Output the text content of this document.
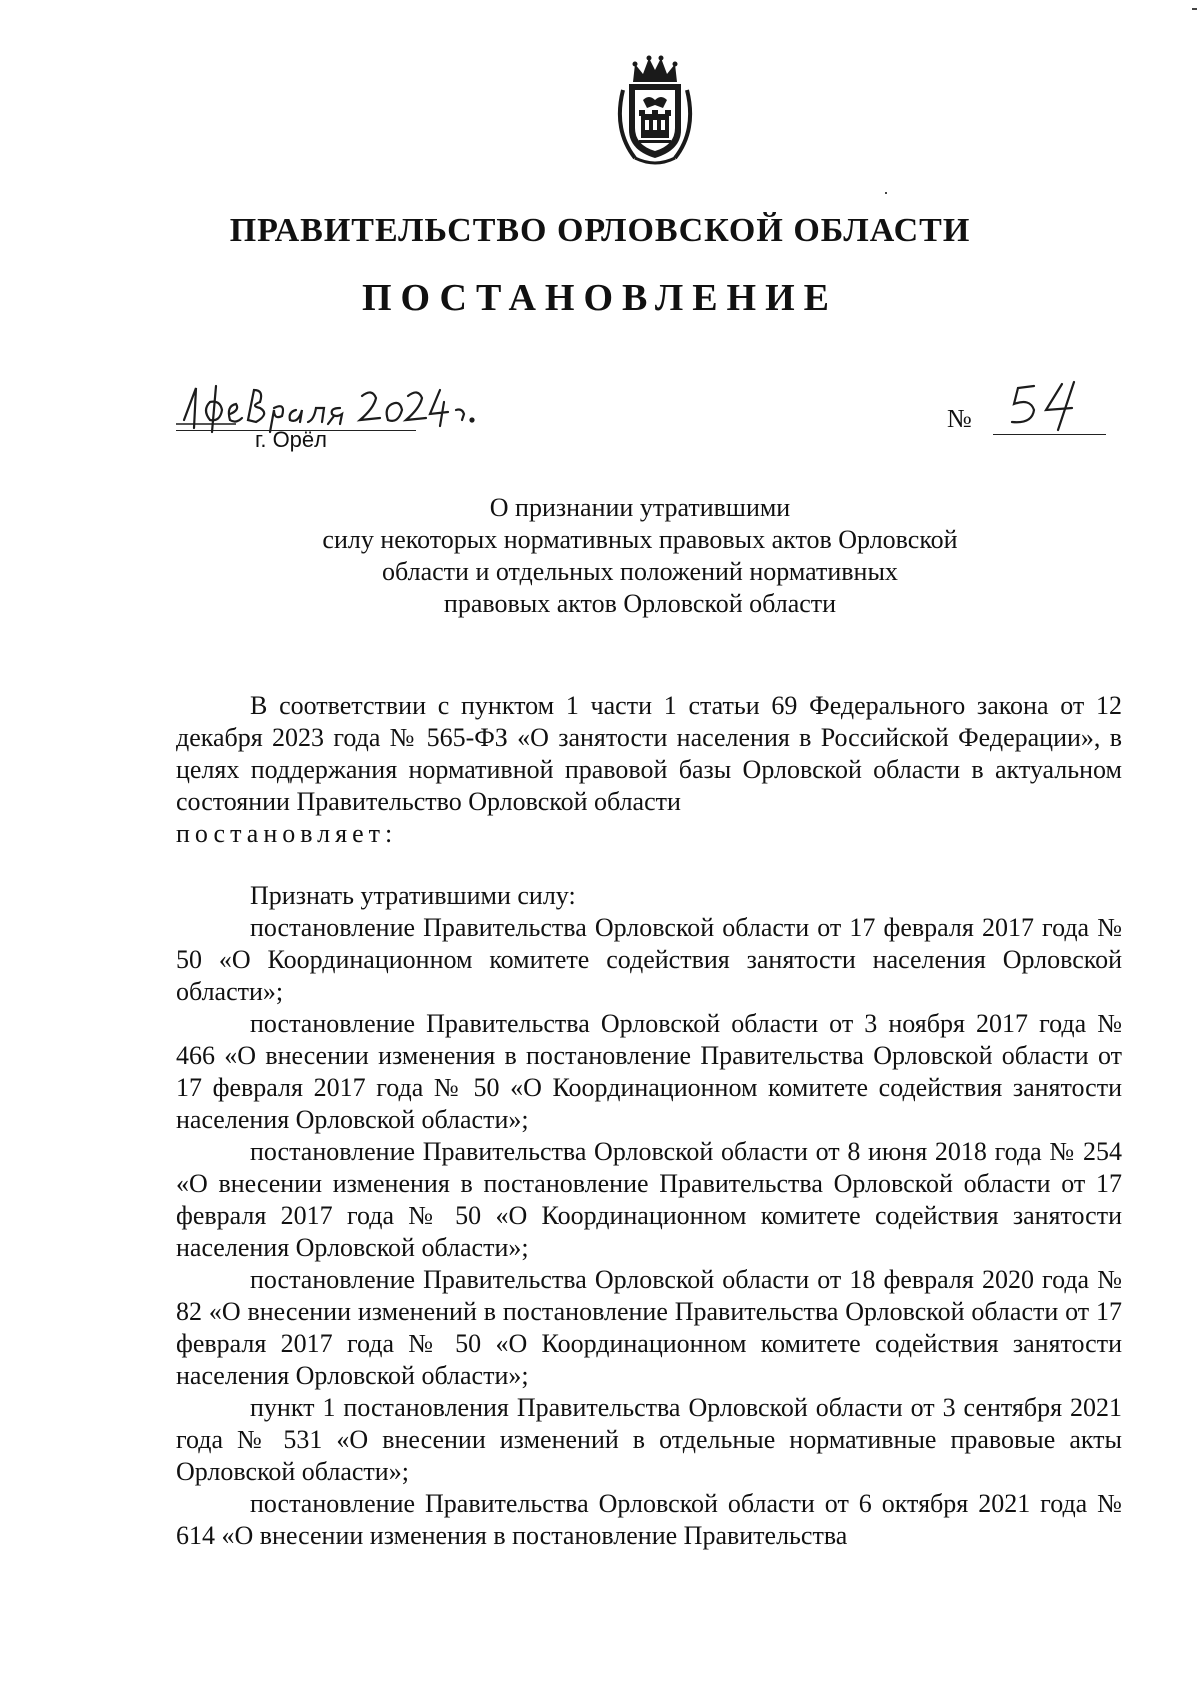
ПРАВИТЕЛЬСТВО ОРЛОВСКОЙ ОБЛАСТИ
ПОСТАНОВЛЕНИЕ
г. Орёл
№
О признании утратившими
силу некоторых нормативных правовых актов Орловской
области и отдельных положений нормативных
правовых актов Орловской области

В соответствии с пунктом 1 части 1 статьи 69 Федерального закона от 12 декабря 2023 года № 565-ФЗ «О занятости населения в Российской Федерации», в целях поддержания нормативной правовой базы Орловской области в актуальном состоянии Правительство Орловской области

постановляет:

Признать утратившими силу:

постановление Правительства Орловской области от 17 февраля 2017 года № 50 «О Координационном комитете содействия занятости населения Орловской области»;

постановление Правительства Орловской области от 3 ноября 2017 года № 466 «О внесении изменения в постановление Правительства Орловской области от 17 февраля 2017 года № 50 «О Координационном комитете содействия занятости населения Орловской области»;

постановление Правительства Орловской области от 8 июня 2018 года № 254 «О внесении изменения в постановление Правительства Орловской области от 17 февраля 2017 года № 50 «О Координационном комитете содействия занятости населения Орловской области»;

постановление Правительства Орловской области от 18 февраля 2020 года № 82 «О внесении изменений в постановление Правительства Орловской области от 17 февраля 2017 года № 50 «О Координационном комитете содействия занятости населения Орловской области»;

пункт 1 постановления Правительства Орловской области от 3 сентября 2021 года № 531 «О внесении изменений в отдельные нормативные правовые акты Орловской области»;

постановление Правительства Орловской области от 6 октября 2021 года № 614 «О внесении изменения в постановление Правительства
